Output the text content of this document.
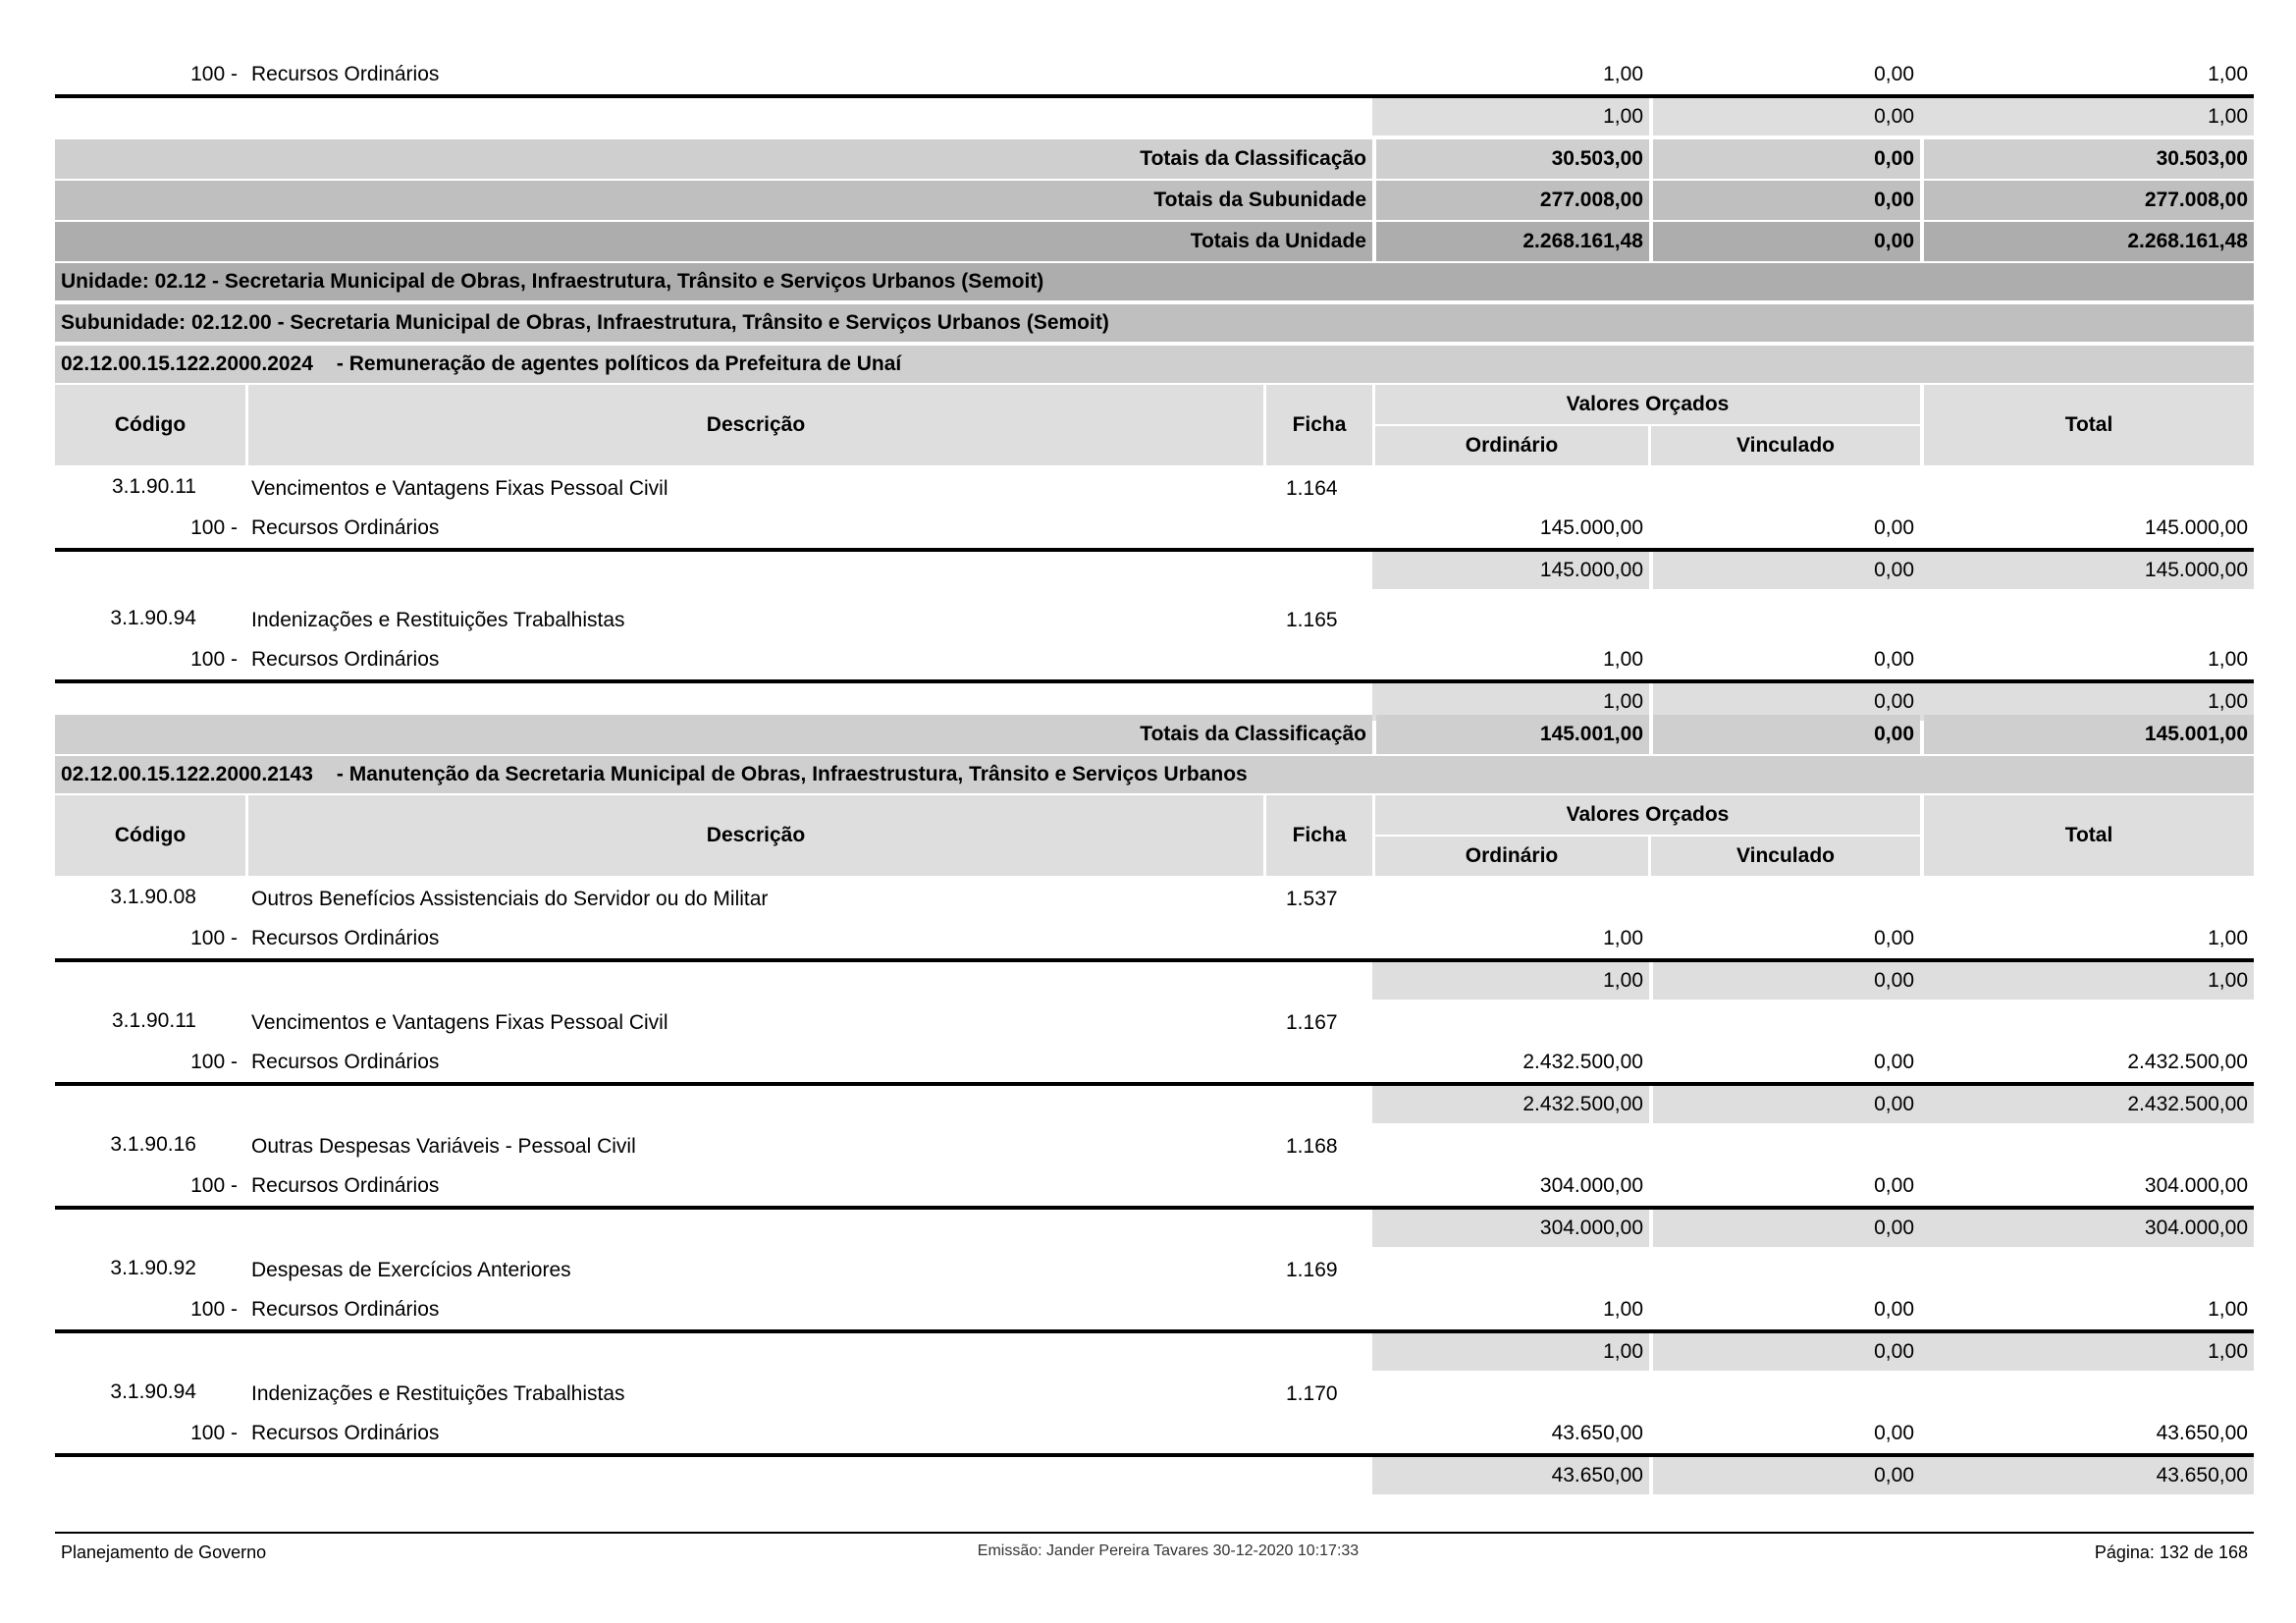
100 - Recursos Ordinários	1,00	0,00	1,00
1,00	0,00	1,00
Totais da Classificação	30.503,00	0,00	30.503,00
Totais da Subunidade	277.008,00	0,00	277.008,00
Totais da Unidade	2.268.161,48	0,00	2.268.161,48
Unidade: 02.12 - Secretaria Municipal de Obras, Infraestrutura, Trânsito e Serviços Urbanos (Semoit)
Subunidade: 02.12.00 - Secretaria Municipal de Obras, Infraestrutura, Trânsito e Serviços Urbanos (Semoit)
02.12.00.15.122.2000.2024 - Remuneração de agentes políticos da Prefeitura de Unaí
Código	Descrição	Ficha
Valores Orçados
Ordinário	Vinculado
Total
3.1.90.11	Vencimentos e Vantagens Fixas Pessoal Civil	1.164
100 - Recursos Ordinários	145.000,00	0,00	145.000,00
145.000,00	0,00	145.000,00
3.1.90.94	Indenizações e Restituições Trabalhistas	1.165
100 - Recursos Ordinários	1,00	0,00	1,00
1,00	0,00	1,00
Totais da Classificação	145.001,00	0,00	145.001,00
02.12.00.15.122.2000.2143 - Manutenção da Secretaria Municipal de Obras, Infraestrustura, Trânsito e Serviços Urbanos
Código	Descrição	Ficha
Valores Orçados
Ordinário	Vinculado
Total
3.1.90.08	Outros Benefícios Assistenciais do Servidor ou do Militar	1.537
100 - Recursos Ordinários	1,00	0,00	1,00
1,00	0,00	1,00
3.1.90.11	Vencimentos e Vantagens Fixas Pessoal Civil	1.167
100 - Recursos Ordinários	2.432.500,00	0,00	2.432.500,00
2.432.500,00	0,00	2.432.500,00
3.1.90.16	Outras Despesas Variáveis - Pessoal Civil	1.168
100 - Recursos Ordinários	304.000,00	0,00	304.000,00
304.000,00	0,00	304.000,00
3.1.90.92	Despesas de Exercícios Anteriores	1.169
100 - Recursos Ordinários	1,00	0,00	1,00
1,00	0,00	1,00
3.1.90.94	Indenizações e Restituições Trabalhistas	1.170
100 - Recursos Ordinários	43.650,00	0,00	43.650,00
43.650,00	0,00	43.650,00
Planejamento de Governo	Emissão: Jander Pereira Tavares 30-12-2020 10:17:33	Página: 132 de 168
